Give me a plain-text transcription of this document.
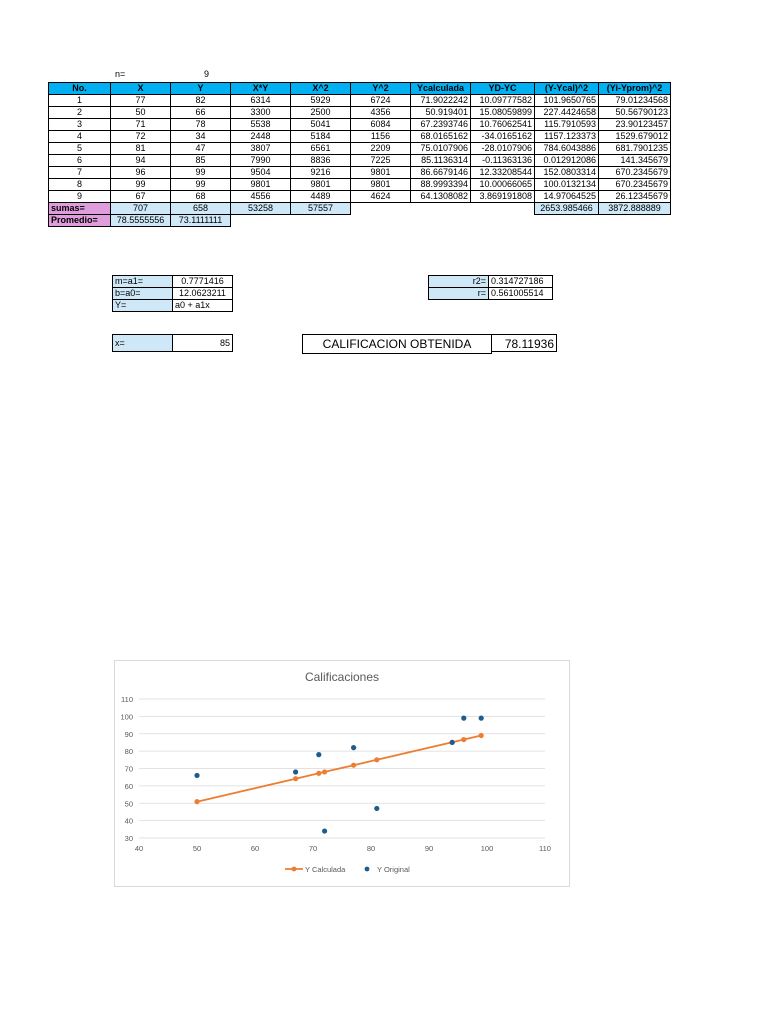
n=	9
No.	X	Y	X*Y	X^2	Y^2	Ycalculada	YD-YC	(Y-Ycal)^2	(Yi-Yprom)^2
1	77	82	6314	5929	6724	71.9022242	10.09777582	101.9650765	79.01234568
2	50	66	3300	2500	4356	50.919401	15.08059899	227.4424658	50.56790123
3	71	78	5538	5041	6084	67.2393746	10.76062541	115.7910593	23.90123457
4	72	34	2448	5184	1156	68.0165162	-34.0165162	1157.123373	1529.679012
5	81	47	3807	6561	2209	75.0107906	-28.0107906	784.6043886	681.7901235
6	94	85	7990	8836	7225	85.1136314	-0.11363136	0.012912086	141.345679
7	96	99	9504	9216	9801	86.6679146	12.33208544	152.0803314	670.2345679
8	99	99	9801	9801	9801	88.9993394	10.00066065	100.0132134	670.2345679
9	67	68	4556	4489	4624	64.1308082	3.869191808	14.97064525	26.12345679
sumas=	707	658	53258	57557				2653.985466	3872.888889
Promedio=	78.5555556	73.1111111							
m=a1=	0.7771416
b=a0=	12.0623211
Y=	a0 + a1x
r2=	0.314727186
r=	0.561005514
x=	85	CALIFICACION OBTENIDA	78.11936
Calificaciones
30
40
50
60
70
80
90
100
110
40	50	60	70	80	90	100	110
Y Calculada	Y Original
